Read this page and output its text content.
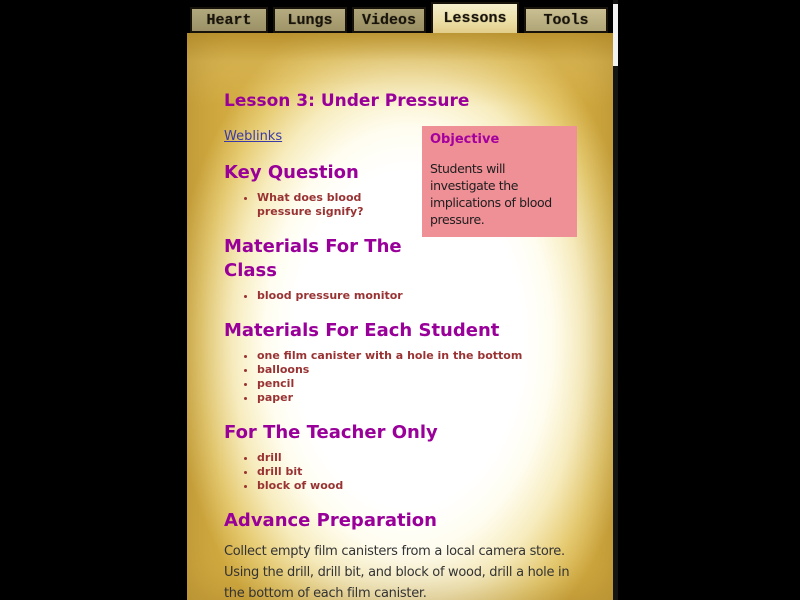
Heart	Lungs	Videos	Lessons	Tools
Lesson 3: Under Pressure
Weblinks	Objective
Students will investigate the implications of blood pressure.
Key Question
• What does blood pressure signify?
Materials For The Class
• blood pressure monitor
Materials For Each Student
• one film canister with a hole in the bottom
• balloons
• pencil
• paper
For The Teacher Only
• drill
• drill bit
• block of wood
Advance Preparation

Collect empty film canisters from a local camera store. Using the drill, drill bit, and block of wood, drill a hole in the bottom of each film canister.
